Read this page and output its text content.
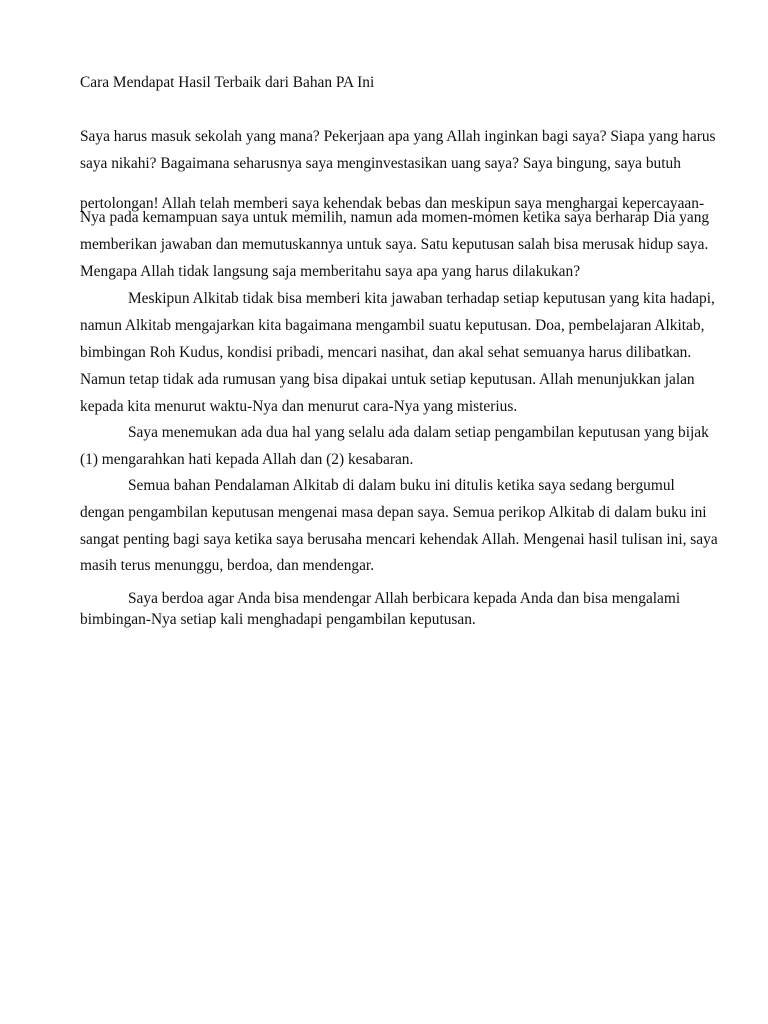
Cara Mendapat Hasil Terbaik dari Bahan PA Ini
Saya harus masuk sekolah yang mana? Pekerjaan apa yang Allah inginkan bagi saya? Siapa yang harus
saya nikahi? Bagaimana seharusnya saya menginvestasikan uang saya? Saya bingung, saya butuh
pertolongan! Allah telah memberi saya kehendak bebas dan meskipun saya menghargai kepercayaan-
Nya pada kemampuan saya untuk memilih, namun ada momen-momen ketika saya berharap Dia yang
memberikan jawaban dan memutuskannya untuk saya. Satu keputusan salah bisa merusak hidup saya.
Mengapa Allah tidak langsung saja memberitahu saya apa yang harus dilakukan?
Meskipun Alkitab tidak bisa memberi kita jawaban terhadap setiap keputusan yang kita hadapi,
namun Alkitab mengajarkan kita bagaimana mengambil suatu keputusan. Doa, pembelajaran Alkitab,
bimbingan Roh Kudus, kondisi pribadi, mencari nasihat, dan akal sehat semuanya harus dilibatkan.
Namun tetap tidak ada rumusan yang bisa dipakai untuk setiap keputusan. Allah menunjukkan jalan
kepada kita menurut waktu-Nya dan menurut cara-Nya yang misterius.
Saya menemukan ada dua hal yang selalu ada dalam setiap pengambilan keputusan yang bijak
(1) mengarahkan hati kepada Allah dan (2) kesabaran.
Semua bahan Pendalaman Alkitab di dalam buku ini ditulis ketika saya sedang bergumul
dengan pengambilan keputusan mengenai masa depan saya. Semua perikop Alkitab di dalam buku ini
sangat penting bagi saya ketika saya berusaha mencari kehendak Allah. Mengenai hasil tulisan ini, saya
masih terus menunggu, berdoa, dan mendengar.
Saya berdoa agar Anda bisa mendengar Allah berbicara kepada Anda dan bisa mengalami
bimbingan-Nya setiap kali menghadapi pengambilan keputusan.
